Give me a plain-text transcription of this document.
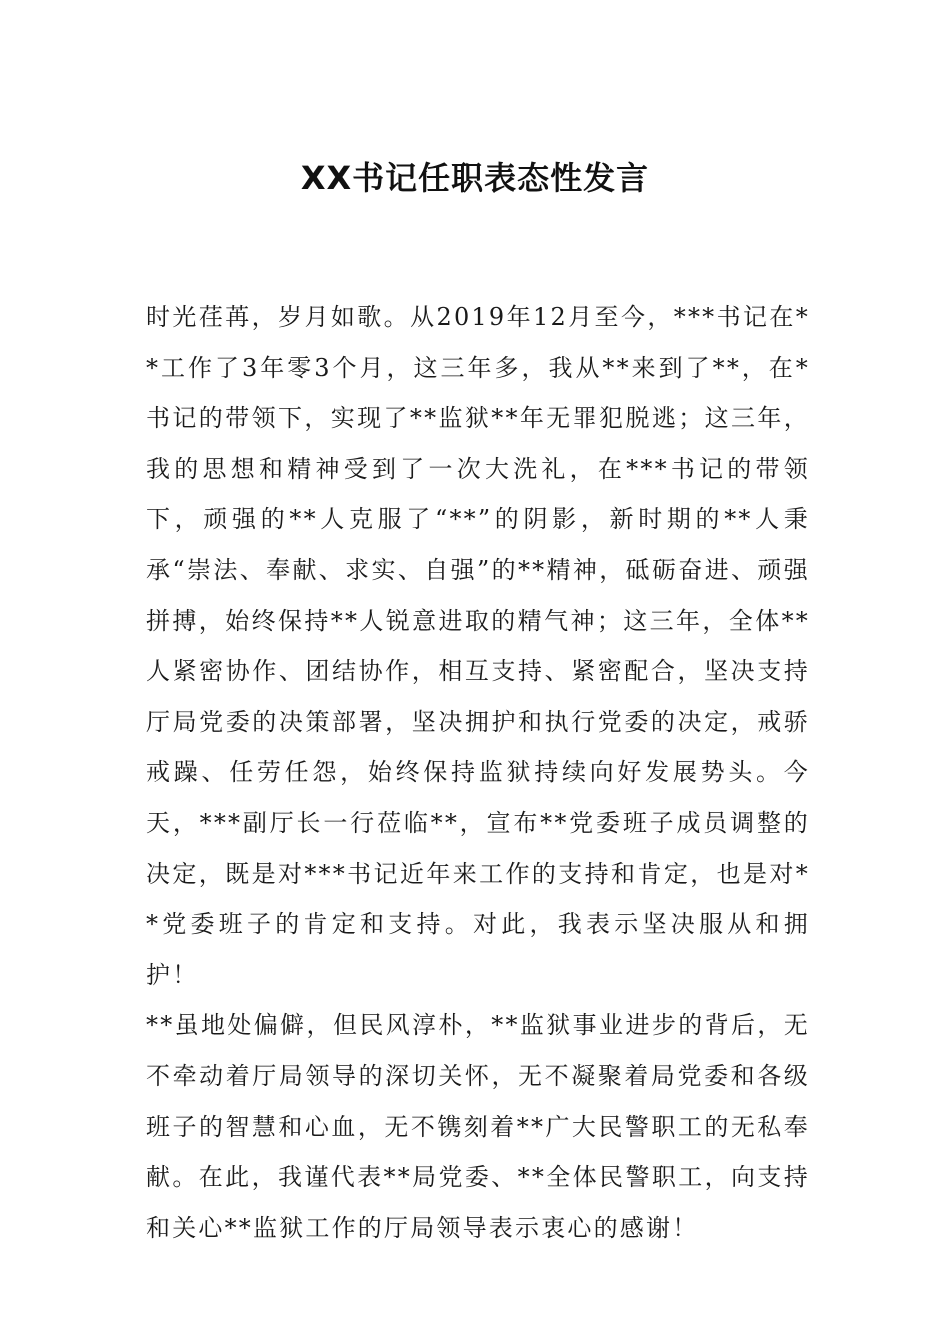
XX书记任职表态性发言

时光荏苒，岁月如歌。从2019年12月至今，***书记在**工作了3年零3个月，这三年多，我从**来到了**，在*书记的带领下，实现了**监狱**年无罪犯脱逃；这三年，我的思想和精神受到了一次大洗礼，在***书记的带领下，顽强的**人克服了“**”的阴影，新时期的**人秉承“崇法、奉献、求实、自强”的**精神，砥砺奋进、顽强拼搏，始终保持**人锐意进取的精气神；这三年，全体**人紧密协作、团结协作，相互支持、紧密配合，坚决支持厅局党委的决策部署，坚决拥护和执行党委的决定，戒骄戒躁、任劳任怨，始终保持监狱持续向好发展势头。今天，***副厅长一行莅临**，宣布**党委班子成员调整的决定，既是对***书记近年来工作的支持和肯定，也是对**党委班子的肯定和支持。对此，我表示坚决服从和拥护！

**虽地处偏僻，但民风淳朴，**监狱事业进步的背后，无不牵动着厅局领导的深切关怀，无不凝聚着局党委和各级班子的智慧和心血，无不镌刻着**广大民警职工的无私奉献。在此，我谨代表**局党委、**全体民警职工，向支持和关心**监狱工作的厅局领导表示衷心的感谢！
